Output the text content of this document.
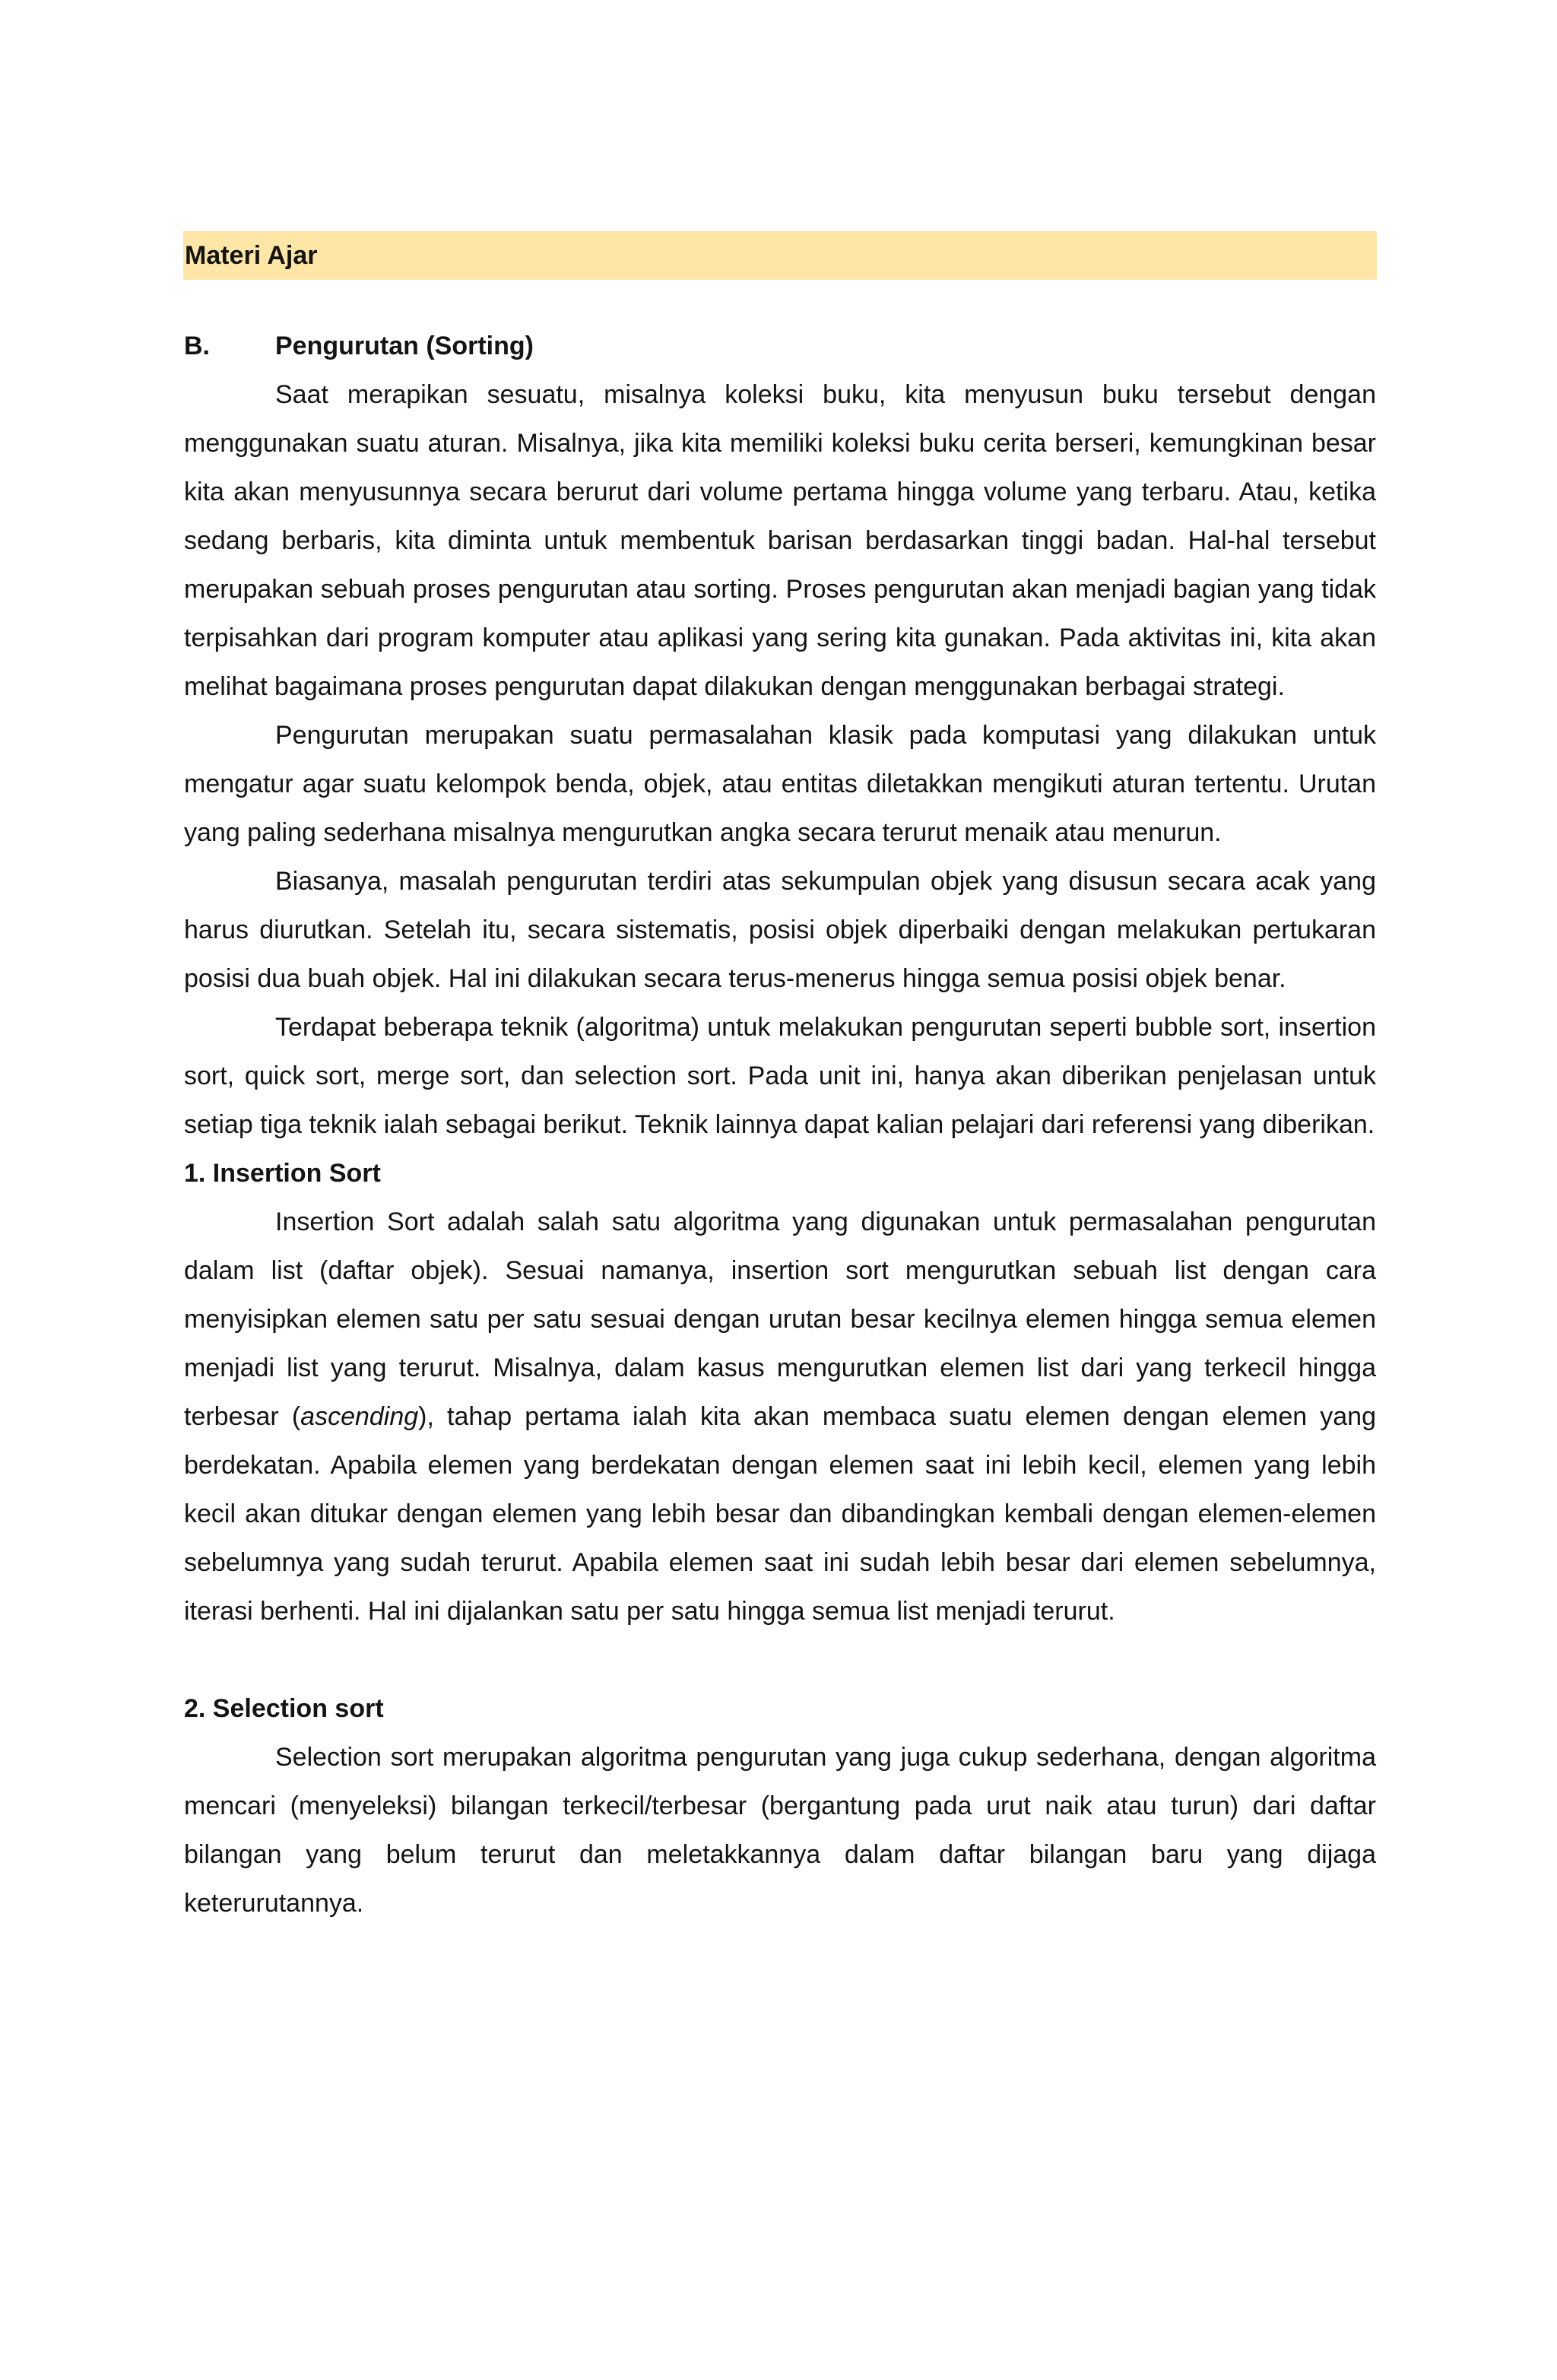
Materi Ajar
B.	Pengurutan (Sorting)

Saat merapikan sesuatu, misalnya koleksi buku, kita menyusun buku tersebut dengan menggunakan suatu aturan. Misalnya, jika kita memiliki koleksi buku cerita berseri, kemungkinan besar kita akan menyusunnya secara berurut dari volume pertama hingga volume yang terbaru. Atau, ketika sedang berbaris, kita diminta untuk membentuk barisan berdasarkan tinggi badan. Hal-hal tersebut merupakan sebuah proses pengurutan atau sorting. Proses pengurutan akan menjadi bagian yang tidak terpisahkan dari program komputer atau aplikasi yang sering kita gunakan. Pada aktivitas ini, kita akan melihat bagaimana proses pengurutan dapat dilakukan dengan menggunakan berbagai strategi.

Pengurutan merupakan suatu permasalahan klasik pada komputasi yang dilakukan untuk mengatur agar suatu kelompok benda, objek, atau entitas diletakkan mengikuti aturan tertentu. Urutan yang paling sederhana misalnya mengurutkan angka secara terurut menaik atau menurun.

Biasanya, masalah pengurutan terdiri atas sekumpulan objek yang disusun secara acak yang harus diurutkan. Setelah itu, secara sistematis, posisi objek diperbaiki dengan melakukan pertukaran posisi dua buah objek. Hal ini dilakukan secara terus-menerus hingga semua posisi objek benar.

Terdapat beberapa teknik (algoritma) untuk melakukan pengurutan seperti bubble sort, insertion sort, quick sort, merge sort, dan selection sort. Pada unit ini, hanya akan diberikan penjelasan untuk setiap tiga teknik ialah sebagai berikut. Teknik lainnya dapat kalian pelajari dari referensi yang diberikan.

1. Insertion Sort

Insertion Sort adalah salah satu algoritma yang digunakan untuk permasalahan pengurutan dalam list (daftar objek). Sesuai namanya, insertion sort mengurutkan sebuah list dengan cara menyisipkan elemen satu per satu sesuai dengan urutan besar kecilnya elemen hingga semua elemen menjadi list yang terurut. Misalnya, dalam kasus mengurutkan elemen list dari yang terkecil hingga terbesar (ascending), tahap pertama ialah kita akan membaca suatu elemen dengan elemen yang berdekatan. Apabila elemen yang berdekatan dengan elemen saat ini lebih kecil, elemen yang lebih kecil akan ditukar dengan elemen yang lebih besar dan dibandingkan kembali dengan elemen-elemen sebelumnya yang sudah terurut. Apabila elemen saat ini sudah lebih besar dari elemen sebelumnya, iterasi berhenti. Hal ini dijalankan satu per satu hingga semua list menjadi terurut.

2. Selection sort

Selection sort merupakan algoritma pengurutan yang juga cukup sederhana, dengan algoritma mencari (menyeleksi) bilangan terkecil/terbesar (bergantung pada urut naik atau turun) dari daftar bilangan yang belum terurut dan meletakkannya dalam daftar bilangan baru yang dijaga keterurutannya.
